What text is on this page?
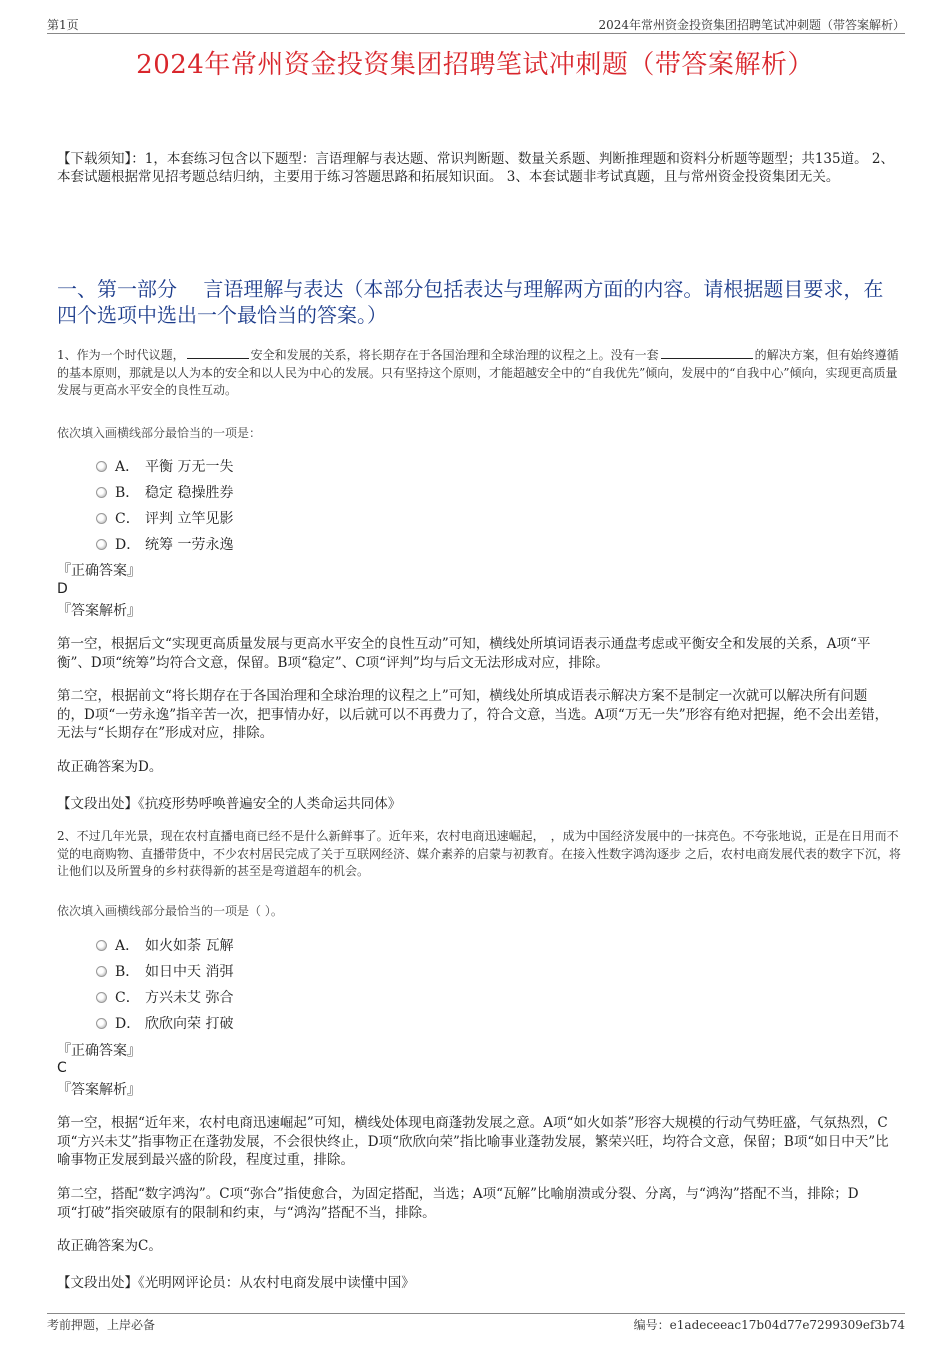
第1页	2024年常州资金投资集团招聘笔试冲刺题（带答案解析）
2024年常州资金投资集团招聘笔试冲刺题（带答案解析）
【下载须知】：1，本套练习包含以下题型：言语理解与表达题、常识判断题、数量关系题、判断推理题和资料分析题等题型；共135道。 2、本套试题根据常见招考题总结归纳，主要用于练习答题思路和拓展知识面。 3、本套试题非考试真题，且与常州资金投资集团无关。
一、第一部分　 言语理解与表达（本部分包括表达与理解两方面的内容。请根据题目要求，在四个选项中选出一个最恰当的答案。）
1、作为一个时代议题，	安全和发展的关系，将长期存在于各国治理和全球治理的议程之上。没有一套	的解决方案，但有始终遵循的基本原则，那就是以人为本的安全和以人民为中心的发展。只有坚持这个原则，才能超越安全中的“自我优先”倾向，发展中的“自我中心”倾向，实现更高质量发展与更高水平安全的良性互动。
依次填入画横线部分最恰当的一项是：
A． 平衡 万无一失
B． 稳定 稳操胜券
C． 评判 立竿见影
D． 统筹 一劳永逸
『正确答案』
D
『答案解析』
第一空，根据后文“实现更高质量发展与更高水平安全的良性互动”可知，横线处所填词语表示通盘考虑或平衡安全和发展的关系，A项“平衡”、D项“统筹”均符合文意，保留。B项“稳定”、C项“评判”均与后文无法形成对应，排除。
第二空，根据前文“将长期存在于各国治理和全球治理的议程之上”可知，横线处所填成语表示解决方案不是制定一次就可以解决所有问题的，D项“一劳永逸”指辛苦一次，把事情办好，以后就可以不再费力了，符合文意，当选。A项“万无一失”形容有绝对把握，绝不会出差错，无法与“长期存在”形成对应，排除。
故正确答案为D。
【文段出处】《抗疫形势呼唤普遍安全的人类命运共同体》
2、不过几年光景，现在农村直播电商已经不是什么新鲜事了。近年来，农村电商迅速崛起，　，成为中国经济发展中的一抹亮色。不夸张地说，正是在日用而不觉的电商购物、直播带货中，不少农村居民完成了关于互联网经济、媒介素养的启蒙与初教育。在接入性数字鸿沟逐步 之后，农村电商发展代表的数字下沉，将让他们以及所置身的乡村获得新的甚至是弯道超车的机会。
依次填入画横线部分最恰当的一项是（ ）。
A． 如火如荼 瓦解
B． 如日中天 消弭
C． 方兴未艾 弥合
D． 欣欣向荣 打破
『正确答案』
C
『答案解析』
第一空，根据“近年来，农村电商迅速崛起”可知，横线处体现电商蓬勃发展之意。A项“如火如荼”形容大规模的行动气势旺盛，气氛热烈，C项“方兴未艾”指事物正在蓬勃发展，不会很快终止，D项“欣欣向荣”指比喻事业蓬勃发展，繁荣兴旺，均符合文意，保留；B项“如日中天”比喻事物正发展到最兴盛的阶段，程度过重，排除。
第二空，搭配“数字鸿沟”。C项“弥合”指使愈合，为固定搭配，当选；A项“瓦解”比喻崩溃或分裂、分离，与“鸿沟”搭配不当，排除；D项“打破”指突破原有的限制和约束，与“鸿沟”搭配不当，排除。
故正确答案为C。
【文段出处】《光明网评论员：从农村电商发展中读懂中国》
考前押题，上岸必备	编号：e1adeceeac17b04d77e7299309ef3b74
